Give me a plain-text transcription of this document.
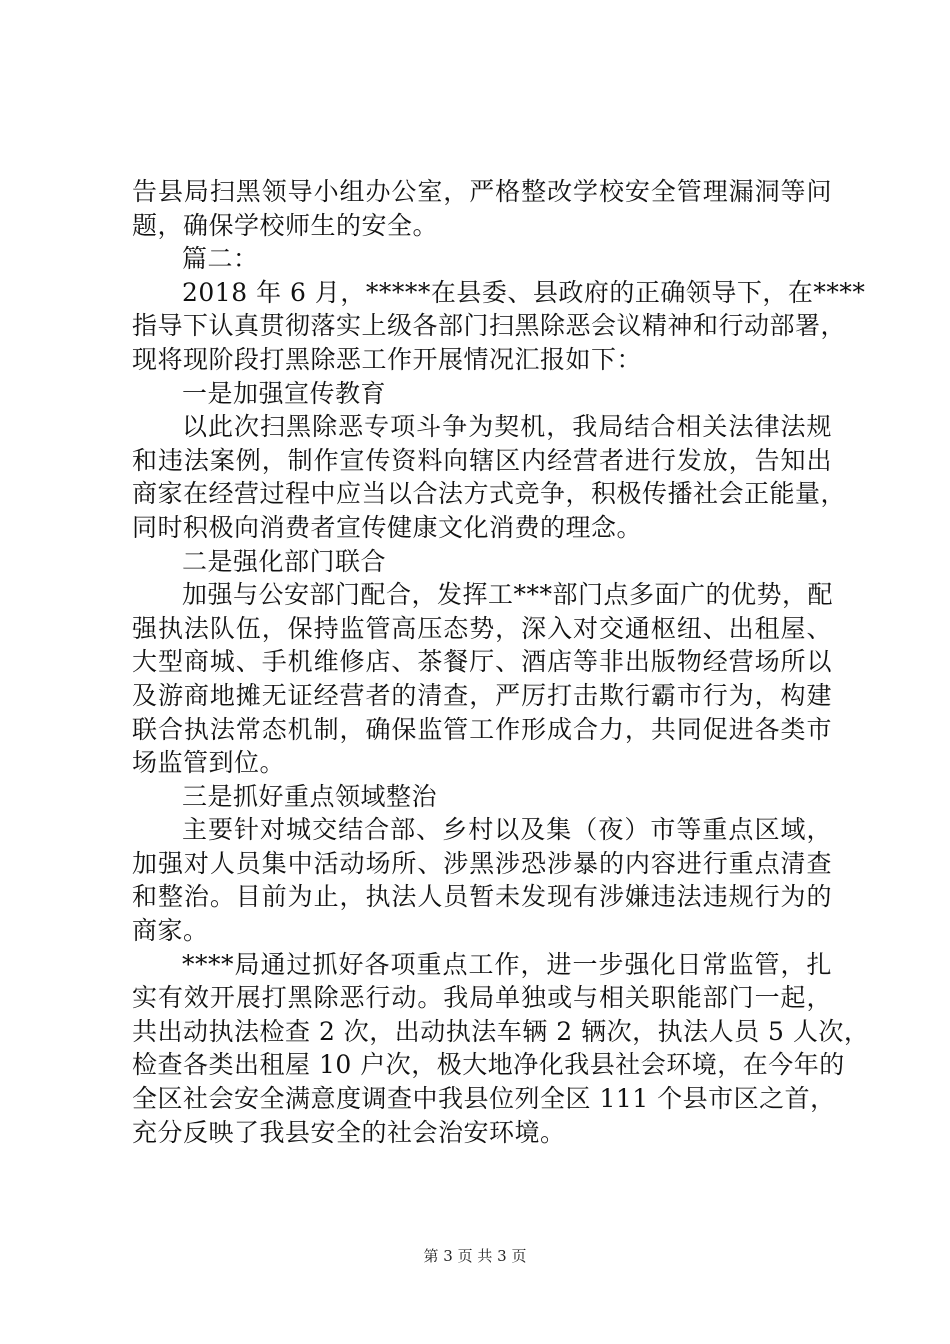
告县局扫黑领导小组办公室，严格整改学校安全管理漏洞等问
题，确保学校师生的安全。
篇二：
2018 年 6 月，*****在县委、县政府的正确领导下，在****
指导下认真贯彻落实上级各部门扫黑除恶会议精神和行动部署，
现将现阶段打黑除恶工作开展情况汇报如下：
一是加强宣传教育
以此次扫黑除恶专项斗争为契机，我局结合相关法律法规
和违法案例，制作宣传资料向辖区内经营者进行发放，告知出
商家在经营过程中应当以合法方式竞争，积极传播社会正能量，
同时积极向消费者宣传健康文化消费的理念。
二是强化部门联合
加强与公安部门配合，发挥工***部门点多面广的优势，配
强执法队伍，保持监管高压态势，深入对交通枢纽、出租屋、
大型商城、手机维修店、茶餐厅、酒店等非出版物经营场所以
及游商地摊无证经营者的清查，严厉打击欺行霸市行为，构建
联合执法常态机制，确保监管工作形成合力，共同促进各类市
场监管到位。
三是抓好重点领域整治
主要针对城交结合部、乡村以及集（夜）市等重点区域，
加强对人员集中活动场所、涉黑涉恐涉暴的内容进行重点清查
和整治。目前为止，执法人员暂未发现有涉嫌违法违规行为的
商家。
****局通过抓好各项重点工作，进一步强化日常监管，扎
实有效开展打黑除恶行动。我局单独或与相关职能部门一起，
共出动执法检查 2 次，出动执法车辆 2 辆次，执法人员 5 人次，
检查各类出租屋 10 户次，极大地净化我县社会环境，在今年的
全区社会安全满意度调查中我县位列全区 111 个县市区之首，
充分反映了我县安全的社会治安环境。
第 3 页 共 3 页
